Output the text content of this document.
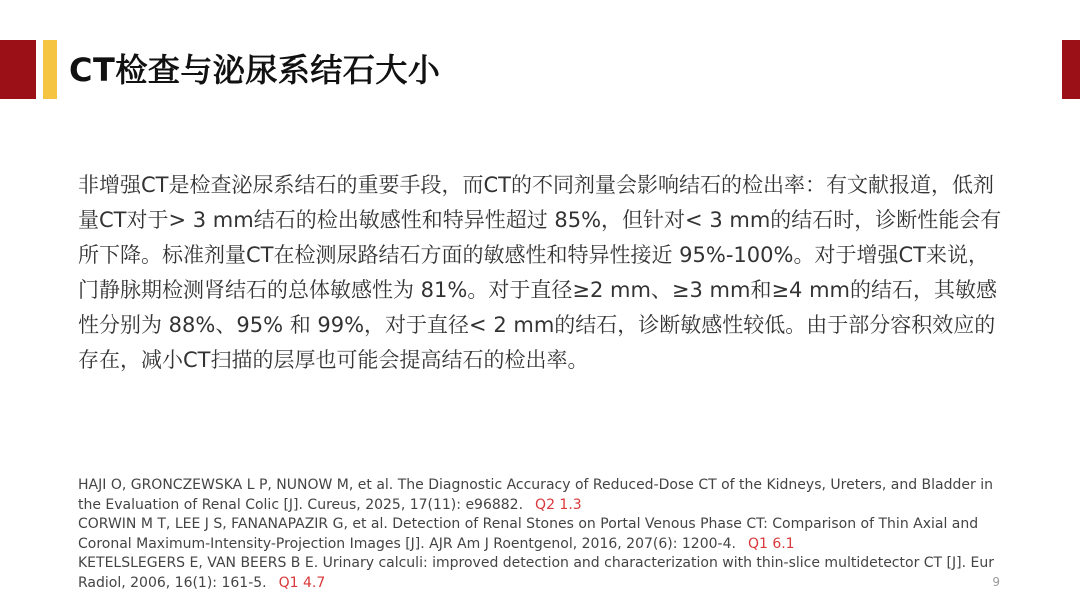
CT检查与泌尿系结石大小

非增强CT是检查泌尿系结石的重要手段，而CT的不同剂量会影响结石的检出率：有文献报道，低剂量CT对于> 3 mm结石的检出敏感性和特异性超过 85%，但针对< 3 mm的结石时，诊断性能会有所下降。标准剂量CT在检测尿路结石方面的敏感性和特异性接近 95%-100%。对于增强CT来说，门静脉期检测肾结石的总体敏感性为 81%。对于直径≥2 mm、≥3 mm和≥4 mm的结石，其敏感性分别为 88%、95% 和 99%，对于直径< 2 mm的结石，诊断敏感性较低。由于部分容积效应的存在，减小CT扫描的层厚也可能会提高结石的检出率。

HAJI O, GRONCZEWSKA L P, NUNOW M, et al. The Diagnostic Accuracy of Reduced-Dose CT of the Kidneys, Ureters, and Bladder in the Evaluation of Renal Colic [J]. Cureus, 2025, 17(11): e96882. Q2 1.3

CORWIN M T, LEE J S, FANANAPAZIR G, et al. Detection of Renal Stones on Portal Venous Phase CT: Comparison of Thin Axial and Coronal Maximum-Intensity-Projection Images [J]. AJR Am J Roentgenol, 2016, 207(6): 1200-4. Q1 6.1

KETELSLEGERS E, VAN BEERS B E. Urinary calculi: improved detection and characterization with thin-slice multidetector CT [J]. Eur Radiol, 2006, 16(1): 161-5. Q1 4.7	9
